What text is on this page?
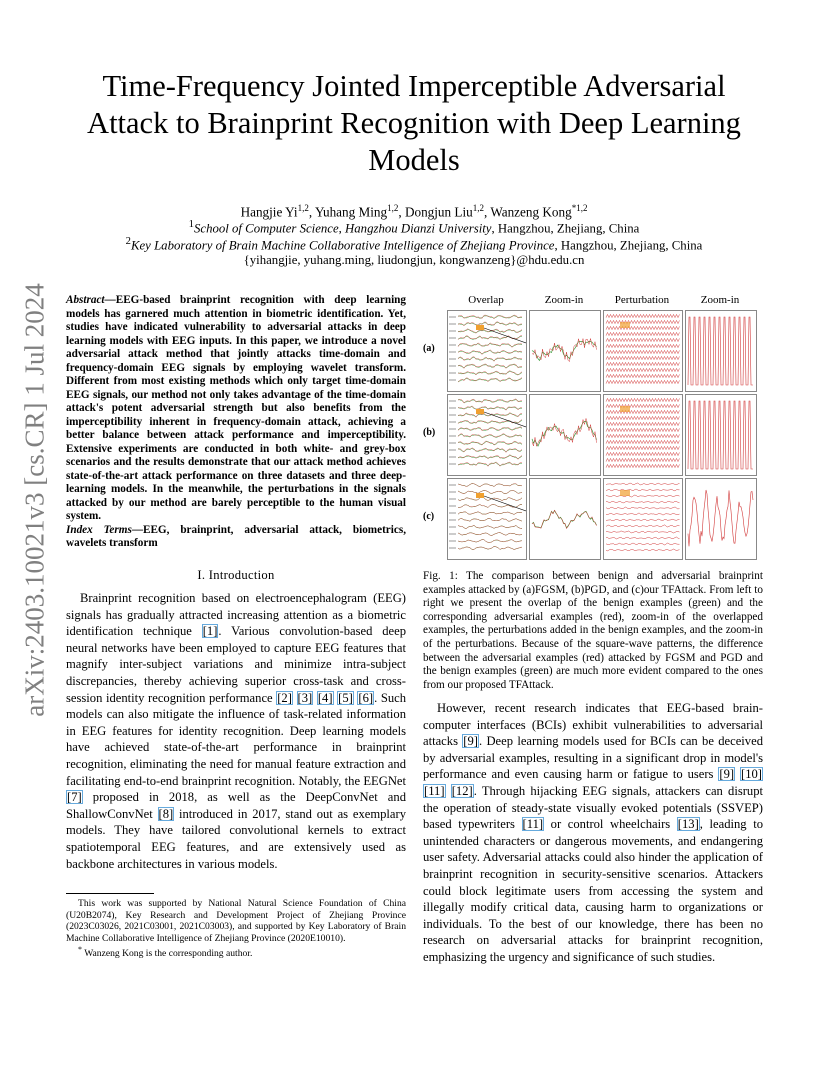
arXiv:2403.10021v3 [cs.CR] 1 Jul 2024
Time-Frequency Jointed Imperceptible Adversarial Attack to Brainprint Recognition with Deep Learning Models
Hangjie Yi$^{1,2}$, Yuhang Ming$^{1,2}$, Dongjun Liu$^{1,2}$, Wanzeng Kong$^{*1,2}$
$^1$School of Computer Science, Hangzhou Dianzi University, Hangzhou, Zhejiang, China
$^2$Key Laboratory of Brain Machine Collaborative Intelligence of Zhejiang Province, Hangzhou, Zhejiang, China
{yihangjie, yuhang.ming, liudongjun, kongwanzeng}@hdu.edu.cn

Abstract—EEG-based brainprint recognition with deep learning models has garnered much attention in biometric identification. Yet, studies have indicated vulnerability to adversarial attacks in deep learning models with EEG inputs. In this paper, we introduce a novel adversarial attack method that jointly attacks time-domain and frequency-domain EEG signals by employing wavelet transform. Different from most existing methods which only target time-domain EEG signals, our method not only takes advantage of the time-domain attack's potent adversarial strength but also benefits from the imperceptibility inherent in frequency-domain attack, achieving a better balance between attack performance and imperceptibility. Extensive experiments are conducted in both white- and grey-box scenarios and the results demonstrate that our attack method achieves state-of-the-art attack performance on three datasets and three deep-learning models. In the meanwhile, the perturbations in the signals attacked by our method are barely perceptible to the human visual system.

Index Terms—EEG, brainprint, adversarial attack, biometrics, wavelets transform

I. Introduction

Brainprint recognition based on electroencephalogram (EEG) signals has gradually attracted increasing attention as a biometric identification technique [1]. Various convolution-based deep neural networks have been employed to capture EEG features that magnify inter-subject variations and minimize intra-subject discrepancies, thereby achieving superior cross-task and cross-session identity recognition performance [2] [3] [4] [5] [6]. Such models can also mitigate the influence of task-related information in EEG features for identity recognition. Deep learning models have achieved state-of-the-art performance in brainprint recognition, eliminating the need for manual feature extraction and facilitating end-to-end brainprint recognition. Notably, the EEGNet [7] proposed in 2018, as well as the DeepConvNet and ShallowConvNet [8] introduced in 2017, stand out as exemplary models. They have tailored convolutional kernels to extract spatiotemporal EEG features, and are extensively used as backbone architectures in various models.

This work was supported by National Natural Science Foundation of China (U20B2074), Key Research and Development Project of Zhejiang Province (2023C03026, 2021C03001, 2021C03003), and supported by Key Laboratory of Brain Machine Collaborative Intelligence of Zhejiang Province (2020E10010).

* Wanzeng Kong is the corresponding author.

Overlap	Zoom-in	Perturbation	Zoom-in
(a)
(b)
(c)
Fig. 1: The comparison between benign and adversarial brainprint examples attacked by (a)FGSM, (b)PGD, and (c)our TFAttack. From left to right we present the overlap of the benign examples (green) and the corresponding adversarial examples (red), zoom-in of the overlapped examples, the perturbations added in the benign examples, and the zoom-in of the perturbations. Because of the square-wave patterns, the difference between the adversarial examples (red) attacked by FGSM and PGD and the benign examples (green) are much more evident compared to the ones from our proposed TFAttack.

However, recent research indicates that EEG-based brain-computer interfaces (BCIs) exhibit vulnerabilities to adversarial attacks [9]. Deep learning models used for BCIs can be deceived by adversarial examples, resulting in a significant drop in model's performance and even causing harm or fatigue to users [9] [10] [11] [12]. Through hijacking EEG signals, attackers can disrupt the operation of steady-state visually evoked potentials (SSVEP) based typewriters [11] or control wheelchairs [13], leading to unintended characters or dangerous movements, and endangering user safety. Adversarial attacks could also hinder the application of brainprint recognition in security-sensitive scenarios. Attackers could block legitimate users from accessing the system and illegally modify critical data, causing harm to organizations or individuals. To the best of our knowledge, there has been no research on adversarial attacks for brainprint recognition, emphasizing the urgency and significance of such studies.
